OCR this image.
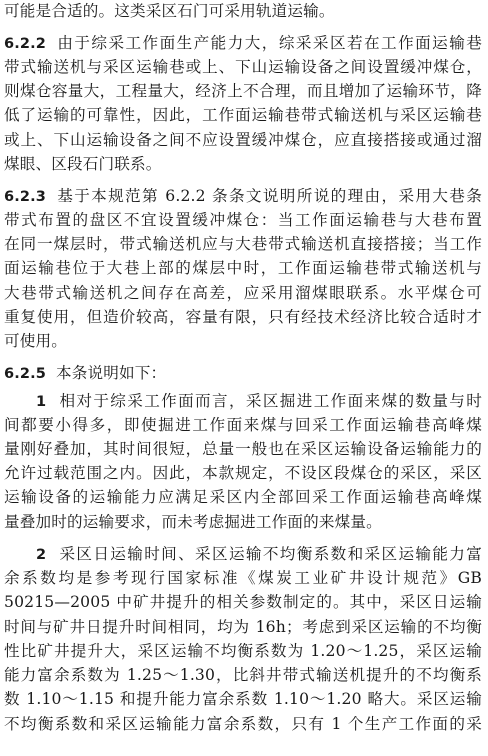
可能是合适的。这类采区石门可采用轨道运输。
6.2.2 由于综采工作面生产能力大，综采采区若在工作面运输巷
带式输送机与采区运输巷或上、下山运输设备之间设置缓冲煤仓，
则煤仓容量大，工程量大，经济上不合理，而且增加了运输环节，降
低了运输的可靠性，因此，工作面运输巷带式输送机与采区运输巷
或上、下山运输设备之间不应设置缓冲煤仓，应直接搭接或通过溜
煤眼、区段石门联系。
6.2.3 基于本规范第 6.2.2 条条文说明所说的理由，采用大巷条
带式布置的盘区不宜设置缓冲煤仓：当工作面运输巷与大巷布置
在同一煤层时，带式输送机应与大巷带式输送机直接搭接；当工作
面运输巷位于大巷上部的煤层中时，工作面运输巷带式输送机与
大巷带式输送机之间存在高差，应采用溜煤眼联系。水平煤仓可
重复使用，但造价较高，容量有限，只有经技术经济比较合适时才
可使用。
6.2.5 本条说明如下：
1 相对于综采工作面而言，采区掘进工作面来煤的数量与时
间都要小得多，即使掘进工作面来煤与回采工作面运输巷高峰煤
量刚好叠加，其时间很短，总量一般也在采区运输设备运输能力的
允许过载范围之内。因此，本款规定，不设区段煤仓的采区，采区
运输设备的运输能力应满足采区内全部回采工作面运输巷高峰煤
量叠加时的运输要求，而未考虑掘进工作面的来煤量。
2 采区日运输时间、采区运输不均衡系数和采区运输能力富
余系数均是参考现行国家标准《煤炭工业矿井设计规范》GB
50215—2005 中矿井提升的相关参数制定的。其中，采区日运输
时间与矿井日提升时间相同，均为 16h；考虑到采区运输的不均衡
性比矿井提升大，采区运输不均衡系数为 1.20～1.25，采区运输
能力富余系数为 1.25～1.30，比斜井带式输送机提升的不均衡系
数 1.10～1.15 和提升能力富余系数 1.10～1.20 略大。采区运输
不均衡系数和采区运输能力富余系数，只有 1 个生产工作面的采
